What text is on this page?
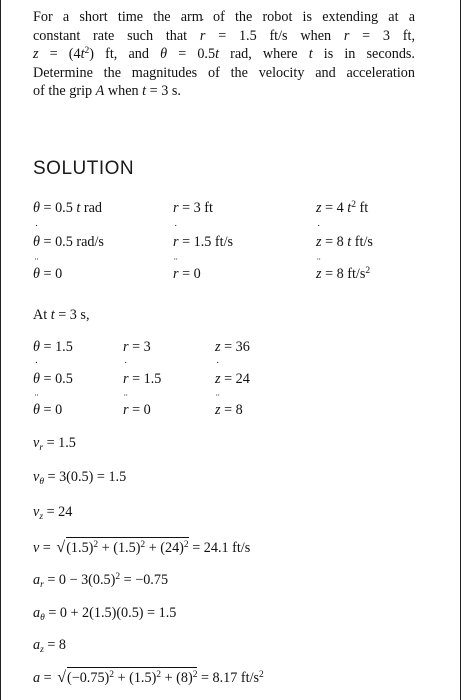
For a short time the arm of the robot is extending at a
constant rate such that r ˙ = 1.5 ft/s when r = 3 ft,
$z = (4t^2)$ ft, and θ = 0.5t rad, where t is in seconds.
Determine the magnitudes of the velocity and acceleration
of the grip A when t = 3 s.
SOLUTION
θ = 0.5 t rad	r = 3 ft	z = 4 $t^2$ ft
θ ˙ = 0.5 rad/s	r ˙ = 1.5 ft/s	z ˙ = 8 t ft/s
θ ¨ = 0	r ¨ = 0	z ¨ = 8 $ft/s^2$
At t = 3 s,
θ = 1.5	r = 3	z = 36
θ ˙ = 0.5	r ˙ = 1.5	z ˙ = 24
θ ¨ = 0	r ¨ = 0	z ¨ = 8
$v_r = 1.5$
$v_\theta = 3(0.5) = 1.5$
$v_z = 24$
$v = √(1.5)^2 + (1.5)^2 + (24)^2 = 24.1$ ft/s
$a_r = 0 - 3(0.5)^2 = -0.75$
$a_\theta = 0 + 2(1.5)(0.5) = 1.5$
$a_z = 8$
$a = √(-0.75)^2 + (1.5)^2 + (8)^2 = 8.17$ $ft/s^2$
